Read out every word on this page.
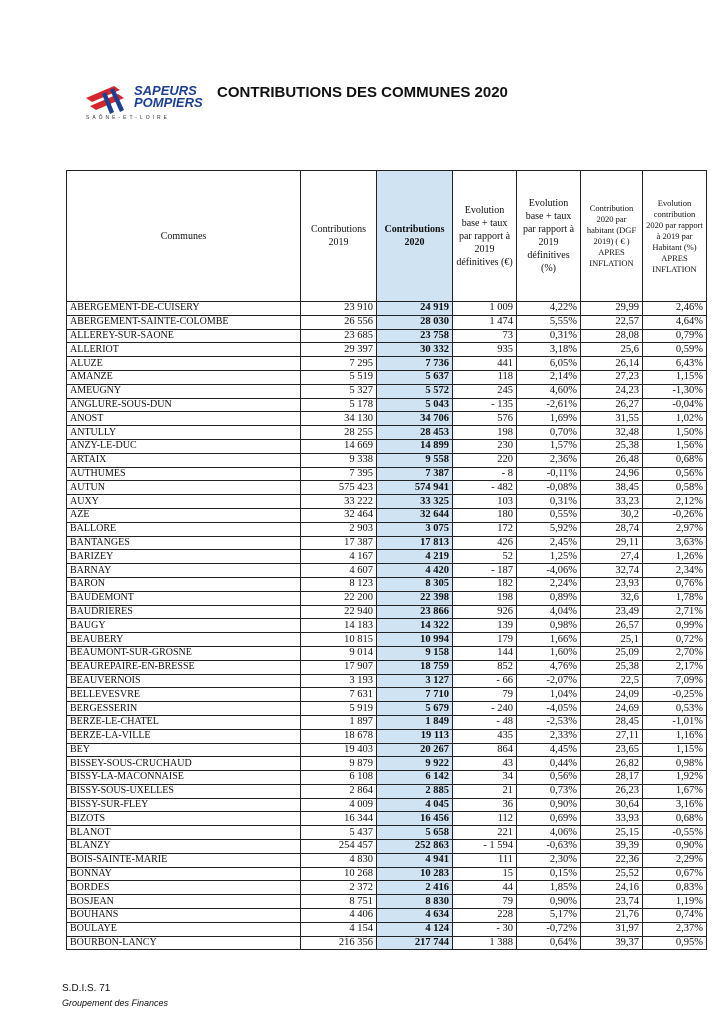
SAPEURS
POMPIERS
SAÔNE-ET-LOIRE
CONTRIBUTIONS DES COMMUNES 2020
Communes	Contributions 2019	Contributions 2020	Evolution base + taux par rapport à 2019 définitives (€)	Evolution base + taux par rapport à 2019 définitives (%)	Contribution 2020 par habitant (DGF 2019) ( € ) APRES INFLATION	Evolution contribution 2020 par rapport à 2019 par Habitant (%) APRES INFLATION
ABERGEMENT-DE-CUISERY	23 910	24 919	1 009	4,22%	29,99	2,46%
ABERGEMENT-SAINTE-COLOMBE	26 556	28 030	1 474	5,55%	22,57	4,64%
ALLEREY-SUR-SAONE	23 685	23 758	73	0,31%	28,08	0,79%
ALLERIOT	29 397	30 332	935	3,18%	25,6	0,59%
ALUZE	7 295	7 736	441	6,05%	26,14	6,43%
AMANZE	5 519	5 637	118	2,14%	27,23	1,15%
AMEUGNY	5 327	5 572	245	4,60%	24,23	-1,30%
ANGLURE-SOUS-DUN	5 178	5 043	- 135	-2,61%	26,27	-0,04%
ANOST	34 130	34 706	576	1,69%	31,55	1,02%
ANTULLY	28 255	28 453	198	0,70%	32,48	1,50%
ANZY-LE-DUC	14 669	14 899	230	1,57%	25,38	1,56%
ARTAIX	9 338	9 558	220	2,36%	26,48	0,68%
AUTHUMES	7 395	7 387	- 8	-0,11%	24,96	0,56%
AUTUN	575 423	574 941	- 482	-0,08%	38,45	0,58%
AUXY	33 222	33 325	103	0,31%	33,23	2,12%
AZE	32 464	32 644	180	0,55%	30,2	-0,26%
BALLORE	2 903	3 075	172	5,92%	28,74	2,97%
BANTANGES	17 387	17 813	426	2,45%	29,11	3,63%
BARIZEY	4 167	4 219	52	1,25%	27,4	1,26%
BARNAY	4 607	4 420	- 187	-4,06%	32,74	2,34%
BARON	8 123	8 305	182	2,24%	23,93	0,76%
BAUDEMONT	22 200	22 398	198	0,89%	32,6	1,78%
BAUDRIERES	22 940	23 866	926	4,04%	23,49	2,71%
BAUGY	14 183	14 322	139	0,98%	26,57	0,99%
BEAUBERY	10 815	10 994	179	1,66%	25,1	0,72%
BEAUMONT-SUR-GROSNE	9 014	9 158	144	1,60%	25,09	2,70%
BEAUREPAIRE-EN-BRESSE	17 907	18 759	852	4,76%	25,38	2,17%
BEAUVERNOIS	3 193	3 127	- 66	-2,07%	22,5	7,09%
BELLEVESVRE	7 631	7 710	79	1,04%	24,09	-0,25%
BERGESSERIN	5 919	5 679	- 240	-4,05%	24,69	0,53%
BERZE-LE-CHATEL	1 897	1 849	- 48	-2,53%	28,45	-1,01%
BERZE-LA-VILLE	18 678	19 113	435	2,33%	27,11	1,16%
BEY	19 403	20 267	864	4,45%	23,65	1,15%
BISSEY-SOUS-CRUCHAUD	9 879	9 922	43	0,44%	26,82	0,98%
BISSY-LA-MACONNAISE	6 108	6 142	34	0,56%	28,17	1,92%
BISSY-SOUS-UXELLES	2 864	2 885	21	0,73%	26,23	1,67%
BISSY-SUR-FLEY	4 009	4 045	36	0,90%	30,64	3,16%
BIZOTS	16 344	16 456	112	0,69%	33,93	0,68%
BLANOT	5 437	5 658	221	4,06%	25,15	-0,55%
BLANZY	254 457	252 863	- 1 594	-0,63%	39,39	0,90%
BOIS-SAINTE-MARIE	4 830	4 941	111	2,30%	22,36	2,29%
BONNAY	10 268	10 283	15	0,15%	25,52	0,67%
BORDES	2 372	2 416	44	1,85%	24,16	0,83%
BOSJEAN	8 751	8 830	79	0,90%	23,74	1,19%
BOUHANS	4 406	4 634	228	5,17%	21,76	0,74%
BOULAYE	4 154	4 124	- 30	-0,72%	31,97	2,37%
BOURBON-LANCY	216 356	217 744	1 388	0,64%	39,37	0,95%
S.D.I.S. 71
Groupement des Finances
